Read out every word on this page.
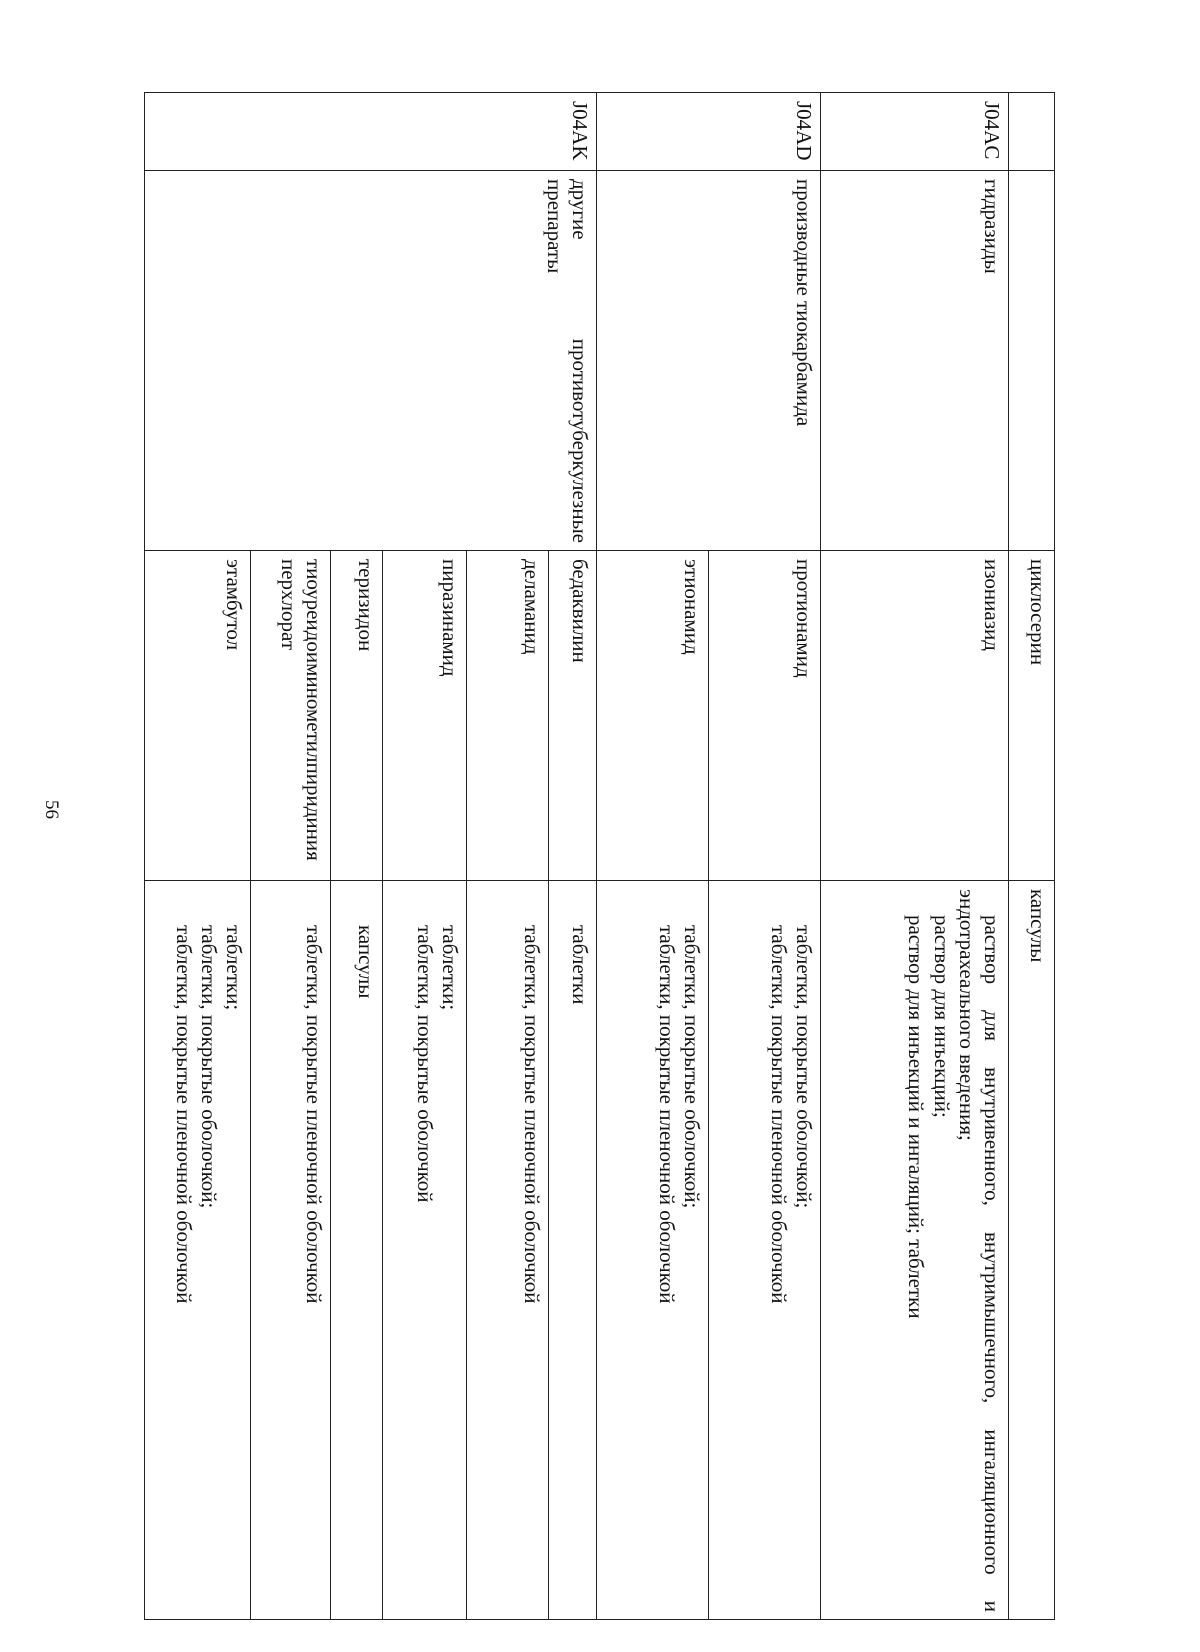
56
		циклосерин	капсулы
J04AC	гидразиды	изониазид	раствор для внутривенного, внутримышечного, ингаляционного и эндотрахеального введения;
раствор для инъекций;
раствор для инъекций и ингаляций; таблетки

J04AD	производные тиокарбамида	протионамид	таблетки, покрытые оболочкой;
таблетки, покрытые пленочной оболочкой

		этионамид	таблетки, покрытые оболочкой;
таблетки, покрытые пленочной оболочкой

J04AK	другие противотуберкулезные препараты	бедаквилин	таблетки

		деламанид	таблетки, покрытые пленочной оболочкой

		пиразинамид	таблетки;
таблетки, покрытые оболочкой

		теризидон	капсулы

		тиоуреидоиминометилпиридиния перхлорат	таблетки, покрытые пленочной оболочкой

		этамбутол	таблетки;
таблетки, покрытые оболочкой;
таблетки, покрытые пленочной оболочкой
